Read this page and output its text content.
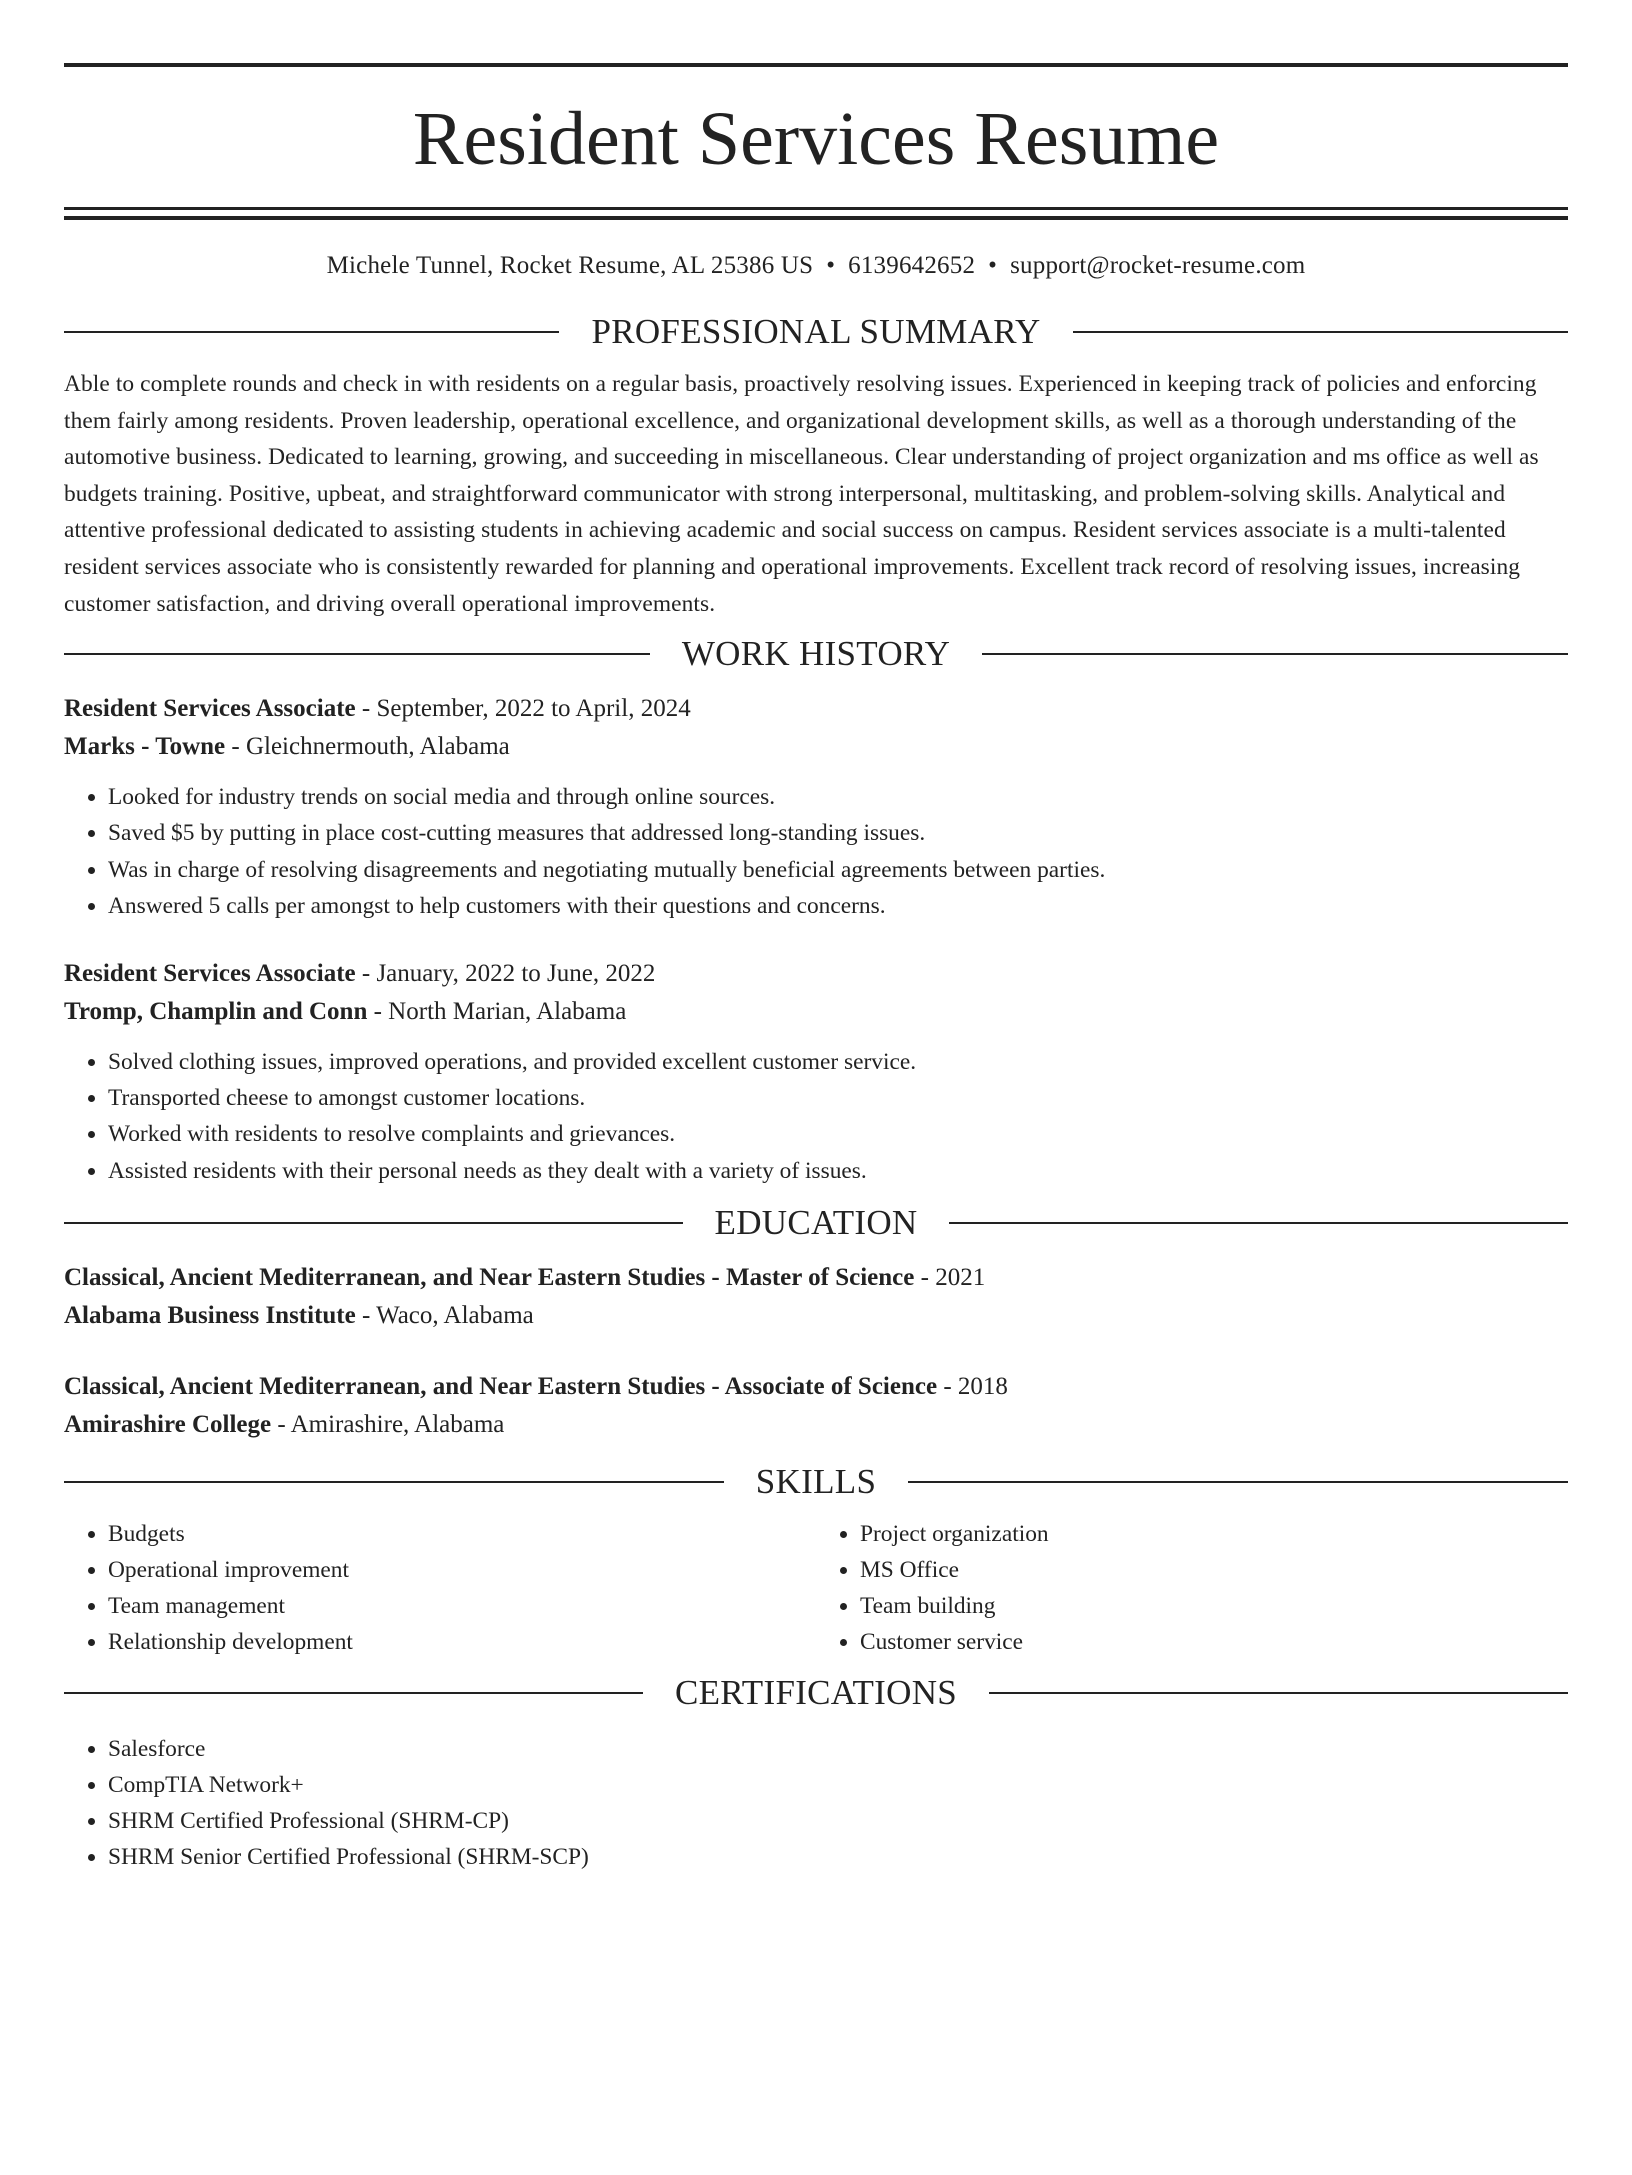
Resident Services Resume
Michele Tunnel, Rocket Resume, AL 25386 US • 6139642652 • support@rocket-resume.com
PROFESSIONAL SUMMARY

Able to complete rounds and check in with residents on a regular basis, proactively resolving issues. Experienced in keeping track of policies and enforcing them fairly among residents. Proven leadership, operational excellence, and organizational development skills, as well as a thorough understanding of the automotive business. Dedicated to learning, growing, and succeeding in miscellaneous. Clear understanding of project organization and ms office as well as budgets training. Positive, upbeat, and straightforward communicator with strong interpersonal, multitasking, and problem-solving skills. Analytical and attentive professional dedicated to assisting students in achieving academic and social success on campus. Resident services associate is a multi-talented resident services associate who is consistently rewarded for planning and operational improvements. Excellent track record of resolving issues, increasing customer satisfaction, and driving overall operational improvements.

WORK HISTORY

Resident Services Associate - September, 2022 to April, 2024

Marks - Towne - Gleichnermouth, Alabama

• Looked for industry trends on social media and through online sources.
• Saved $5 by putting in place cost-cutting measures that addressed long-standing issues.
• Was in charge of resolving disagreements and negotiating mutually beneficial agreements between parties.
• Answered 5 calls per amongst to help customers with their questions and concerns.

Resident Services Associate - January, 2022 to June, 2022

Tromp, Champlin and Conn - North Marian, Alabama

• Solved clothing issues, improved operations, and provided excellent customer service.
• Transported cheese to amongst customer locations.
• Worked with residents to resolve complaints and grievances.
• Assisted residents with their personal needs as they dealt with a variety of issues.
EDUCATION

Classical, Ancient Mediterranean, and Near Eastern Studies - Master of Science - 2021

Alabama Business Institute - Waco, Alabama

Classical, Ancient Mediterranean, and Near Eastern Studies - Associate of Science - 2018

Amirashire College - Amirashire, Alabama

SKILLS
• Budgets
• Operational improvement
• Team management
• Relationship development
• Project organization
• MS Office
• Team building
• Customer service
CERTIFICATIONS
• Salesforce
• CompTIA Network+
• SHRM Certified Professional (SHRM-CP)
• SHRM Senior Certified Professional (SHRM-SCP)
